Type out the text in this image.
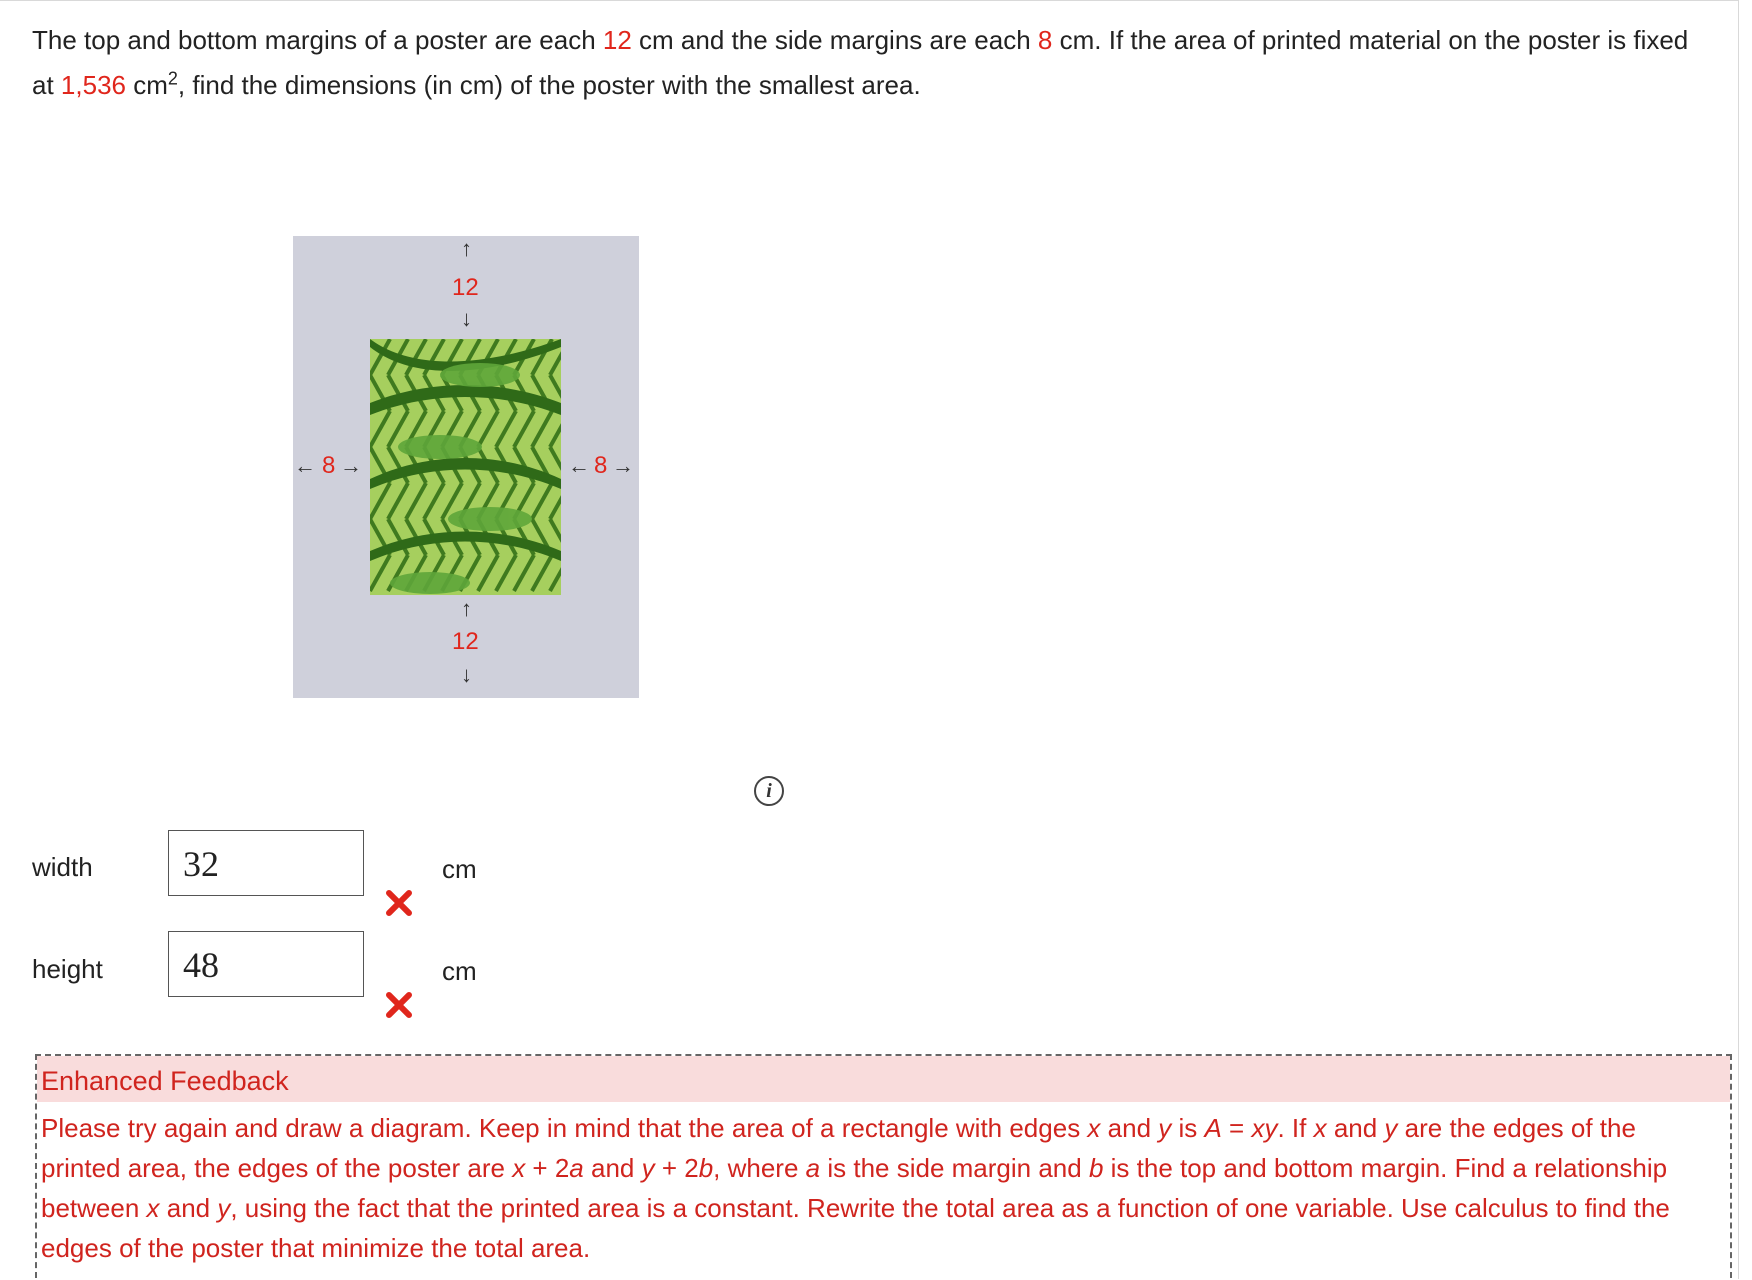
The top and bottom margins of a poster are each 12 cm and the side margins are each 8 cm. If the area of printed material on the poster is fixed at 1,536 $cm^2$, find the dimensions (in cm) of the poster with the smallest area.
↑
12
↓
↑
12
↓
← 8 →	← 8 →
i
width	32	cm
height	48	cm
Enhanced Feedback
Please try again and draw a diagram. Keep in mind that the area of a rectangle with edges x and y is A = xy. If x and y are the edges of the printed area, the edges of the poster are x + 2a and y + 2b, where a is the side margin and b is the top and bottom margin. Find a relationship between x and y, using the fact that the printed area is a constant. Rewrite the total area as a function of one variable. Use calculus to find the edges of the poster that minimize the total area.
